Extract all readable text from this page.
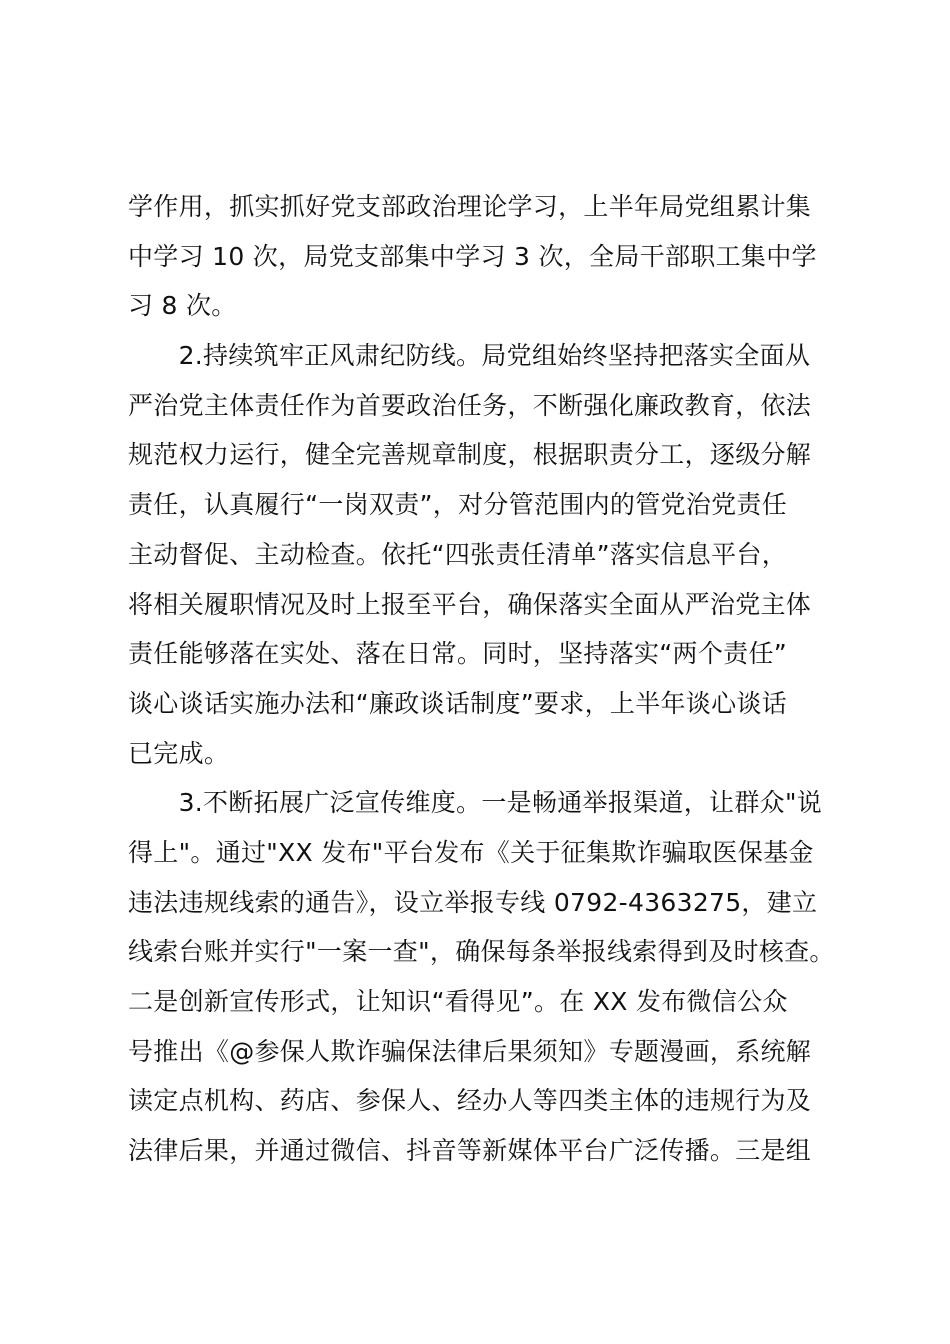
学作用，抓实抓好党支部政治理论学习，上半年局党组累计集
中学习 10 次，局党支部集中学习 3 次，全局干部职工集中学
习 8 次。
　　2.持续筑牢正风肃纪防线。局党组始终坚持把落实全面从
严治党主体责任作为首要政治任务，不断强化廉政教育，依法
规范权力运行，健全完善规章制度，根据职责分工，逐级分解
责任，认真履行“一岗双责”，对分管范围内的管党治党责任
主动督促、主动检查。依托“四张责任清单”落实信息平台，
将相关履职情况及时上报至平台，确保落实全面从严治党主体
责任能够落在实处、落在日常。同时，坚持落实“两个责任”
谈心谈话实施办法和“廉政谈话制度”要求，上半年谈心谈话
已完成。
　　3.不断拓展广泛宣传维度。一是畅通举报渠道，让群众"说
得上"。通过"XX 发布"平台发布《关于征集欺诈骗取医保基金
违法违规线索的通告》，设立举报专线 0792-4363275，建立
线索台账并实行"一案一查"，确保每条举报线索得到及时核查。
二是创新宣传形式，让知识“看得见”。在 XX 发布微信公众
号推出《@参保人欺诈骗保法律后果须知》专题漫画，系统解
读定点机构、药店、参保人、经办人等四类主体的违规行为及
法律后果，并通过微信、抖音等新媒体平台广泛传播。三是组
